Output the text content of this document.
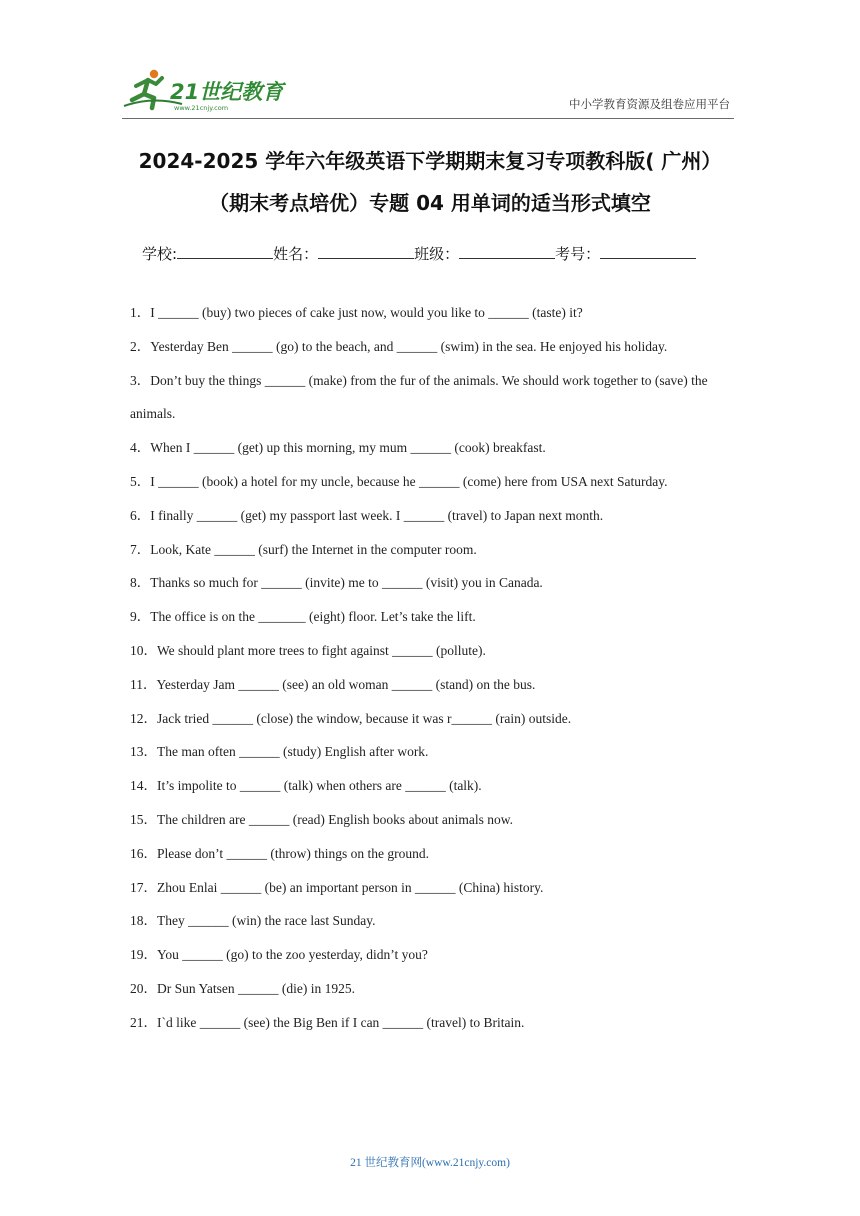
21世纪教育
www.21cnjy.com	中小学教育资源及组卷应用平台
2024-2025 学年六年级英语下学期期末复习专项教科版( 广州）
（期末考点培优）专题 04 用单词的适当形式填空
学校:	姓名：	班级：	考号：
1．I ______ (buy) two pieces of cake just now, would you like to ______ (taste) it?
2．Yesterday Ben ______ (go) to the beach, and ______ (swim) in the sea. He enjoyed his holiday.
3．Don’t buy the things ______ (make) from the fur of the animals. We should work together to (save) the animals.
4．When I ______ (get) up this morning, my mum ______ (cook) breakfast.
5．I ______ (book) a hotel for my uncle, because he ______ (come) here from USA next Saturday.
6．I finally ______ (get) my passport last week. I ______ (travel) to Japan next month.
7．Look, Kate ______ (surf) the Internet in the computer room.
8．Thanks so much for ______ (invite) me to ______ (visit) you in Canada.
9．The office is on the _______ (eight) floor. Let’s take the lift.
10．We should plant more trees to fight against ______ (pollute).
11．Yesterday Jam ______ (see) an old woman ______ (stand) on the bus.
12．Jack tried ______ (close) the window, because it was r______ (rain) outside.
13．The man often ______ (study) English after work.
14．It’s impolite to ______ (talk) when others are ______ (talk).
15．The children are ______ (read) English books about animals now.
16．Please don’t ______ (throw) things on the ground.
17．Zhou Enlai ______ (be) an important person in ______ (China) history.
18．They ______ (win) the race last Sunday.
19．You ______ (go) to the zoo yesterday, didn’t you?
20．Dr Sun Yatsen ______ (die) in 1925.
21．I`d like ______ (see) the Big Ben if I can ______ (travel) to Britain.
21 世纪教育网(www.21cnjy.com)
